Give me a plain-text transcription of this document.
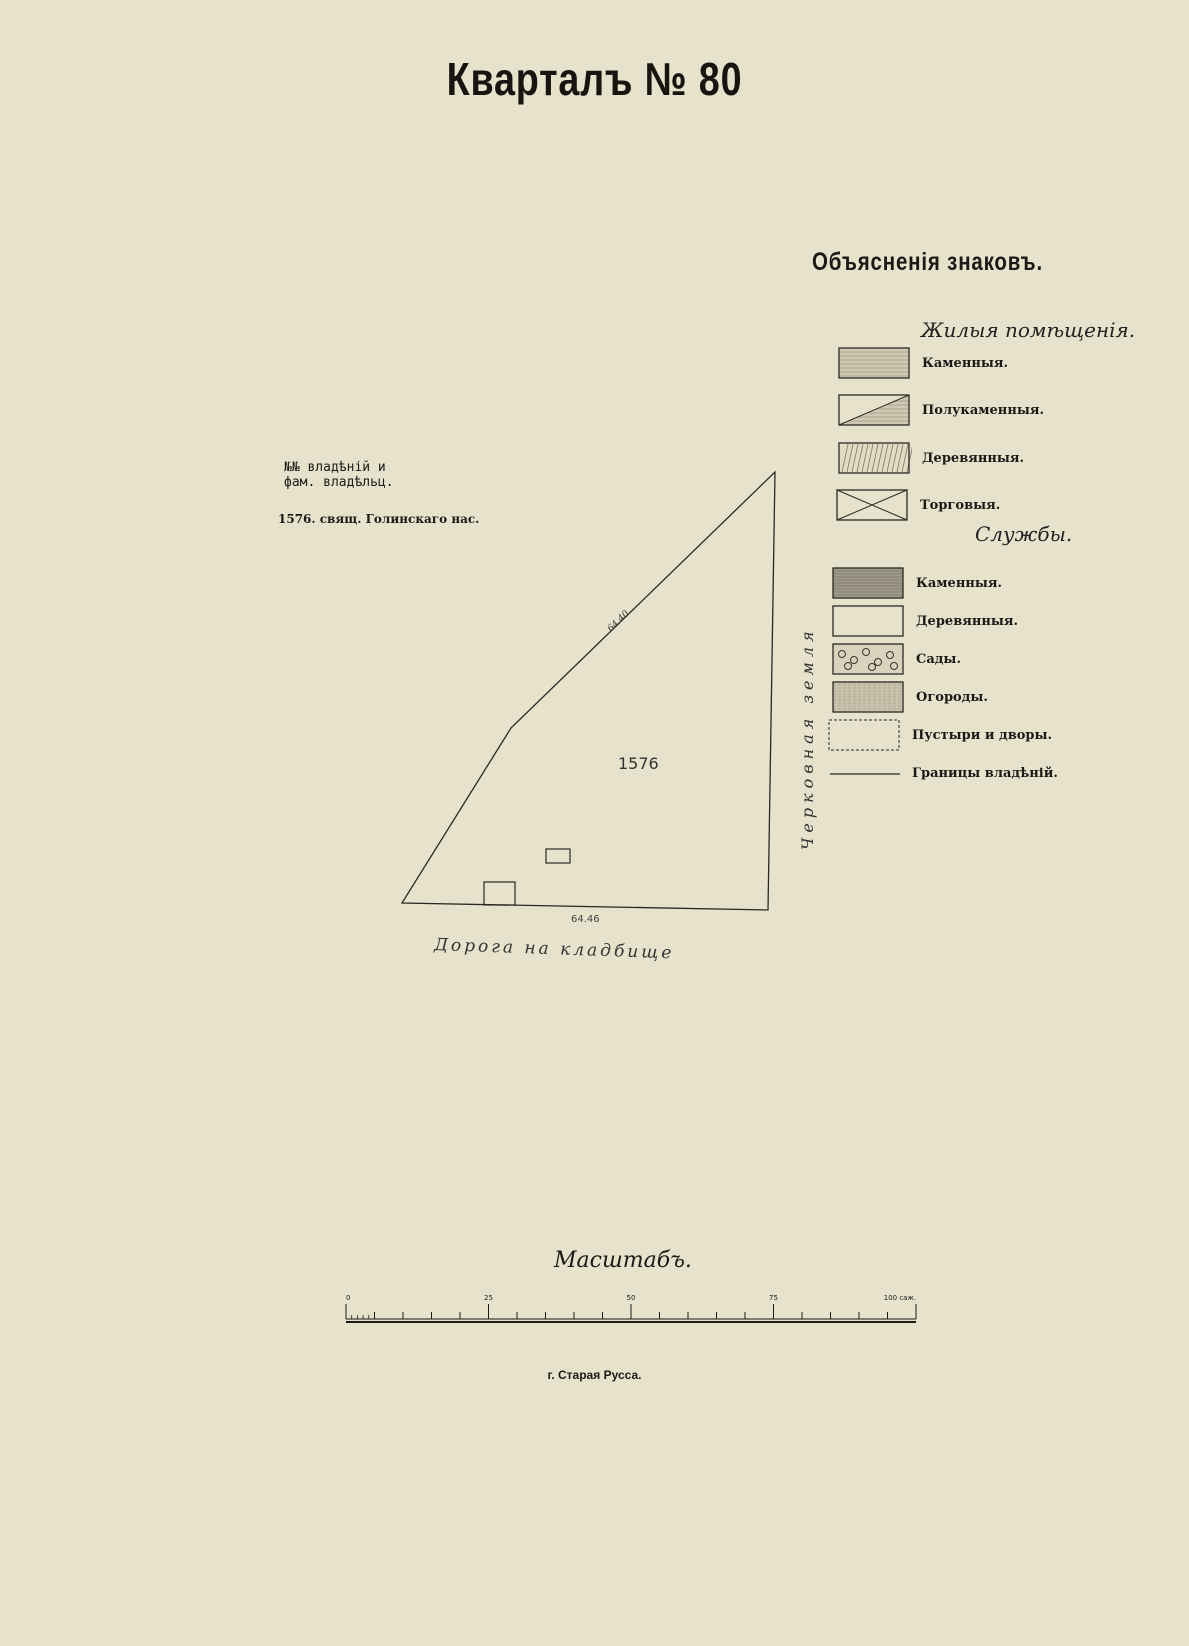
Кварталъ № 80
Объясненія знаковъ.
Жилыя помѣщенія.
Службы.
Каменныя.
Полукаменныя.
Деревянныя.
Торговыя.
Каменныя.
Деревянныя.
Сады.
Огороды.
Пустыри и дворы.
Границы владѣній.
№№ владѣній и
фам. владѣльц.
1576. свящ. Голинскаго нас.
1576
64.40
64.46
Дорога на кладбище
Черковная земля
0	25	50	75	100 саж.
Масштабъ.
г. Старая Русса.
